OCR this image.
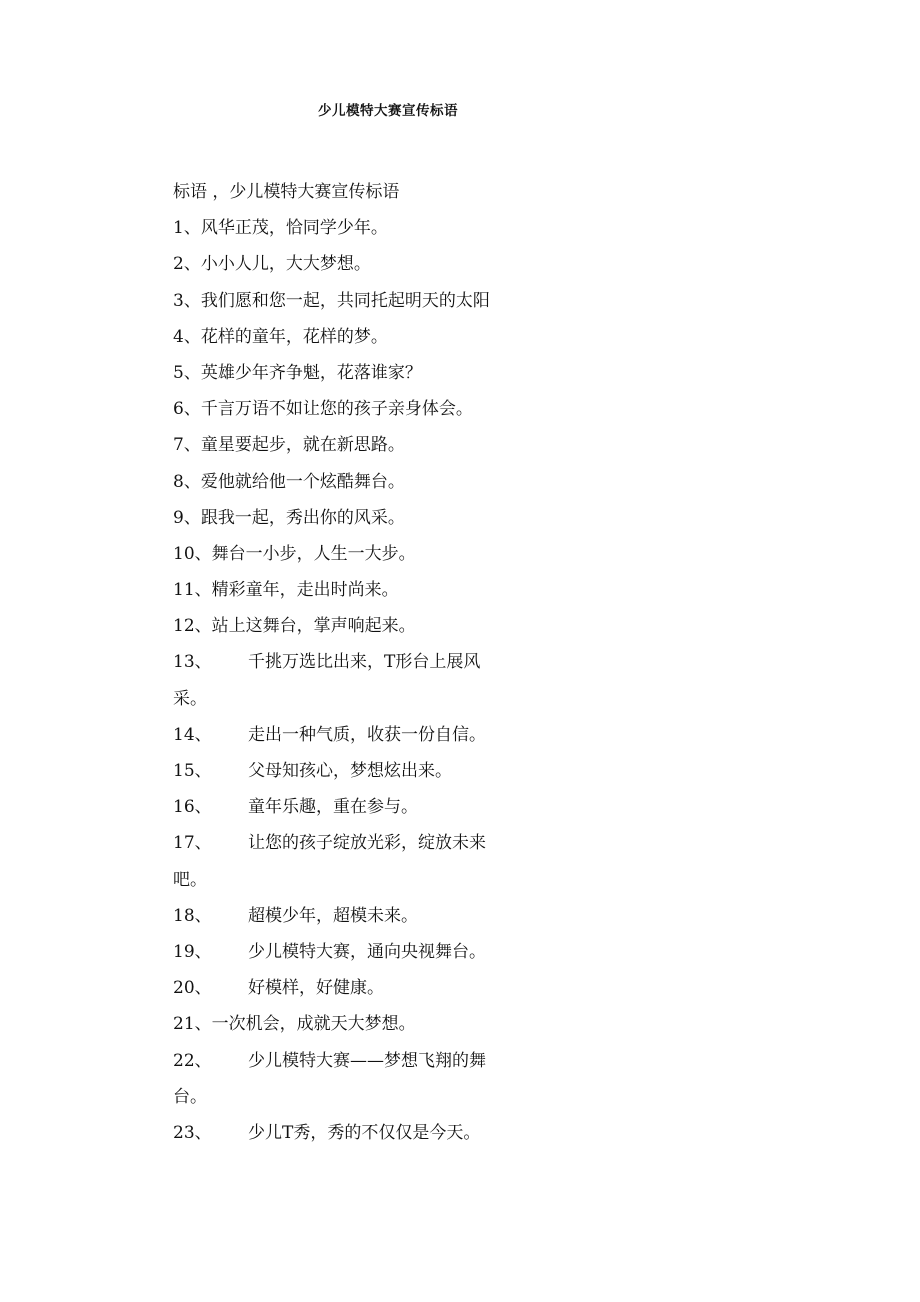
少儿模特大赛宣传标语
标语 ，少儿模特大赛宣传标语
1、风华正茂，恰同学少年。
2、小小人儿，大大梦想。
3、我们愿和您一起，共同托起明天的太阳
4、花样的童年，花样的梦。
5、英雄少年齐争魁，花落谁家？
6、千言万语不如让您的孩子亲身体会。
7、童星要起步，就在新思路。
8、爱他就给他一个炫酷舞台。
9、跟我一起，秀出你的风采。
10、舞台一小步，人生一大步。
11、精彩童年，走出时尚来。
12、站上这舞台，掌声响起来。
13、 千挑万选比出来，T形台上展风
采。
14、 走出一种气质，收获一份自信。
15、 父母知孩心，梦想炫出来。
16、 童年乐趣，重在参与。
17、 让您的孩子绽放光彩，绽放未来
吧。
18、 超模少年，超模未来。
19、 少儿模特大赛，通向央视舞台。
20、 好模样，好健康。
21、一次机会，成就天大梦想。
22、 少儿模特大赛——梦想飞翔的舞
台。
23、 少儿T秀，秀的不仅仅是今天。
